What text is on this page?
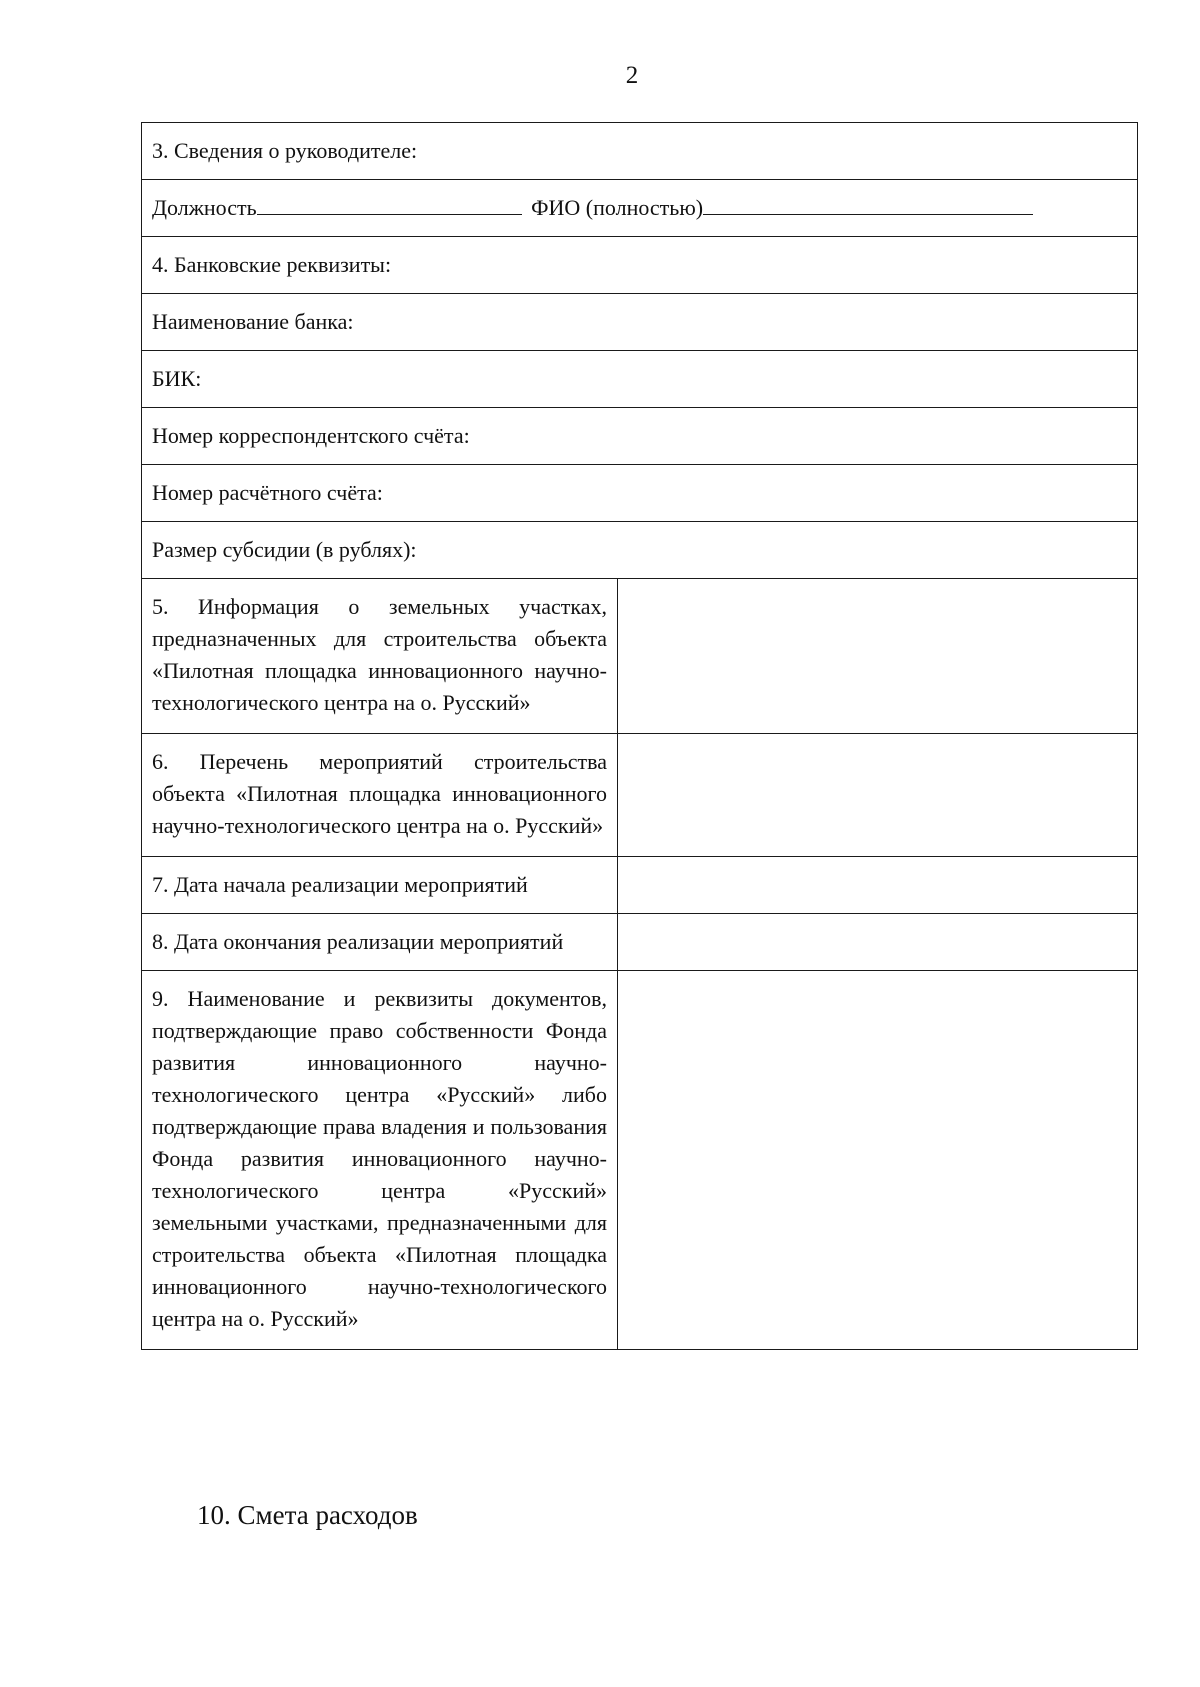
2
3. Сведения о руководителе:	
Должность ФИО (полностью)	
4. Банковские реквизиты:	
Наименование банка:	
БИК:	
Номер корреспондентского счёта:	
Номер расчётного счёта:	
Размер субсидии (в рублях):	
5. Информация о земельных участках, предназначенных для строительства объекта «Пилотная площадка инновационного научно-технологического центра на о. Русский»	
6. Перечень мероприятий строительства объекта «Пилотная площадка инновационного научно-технологического центра на о. Русский»	
7. Дата начала реализации мероприятий	
8. Дата окончания реализации мероприятий	
9. Наименование и реквизиты документов, подтверждающие право собственности Фонда развития инновационного научно-технологического центра «Русский» либо подтверждающие права владения и пользования Фонда развития инновационного научно-технологического центра «Русский» земельными участками, предназначенными для строительства объекта «Пилотная площадка инновационного научно-технологического центра на о. Русский»	
10. Смета расходов
